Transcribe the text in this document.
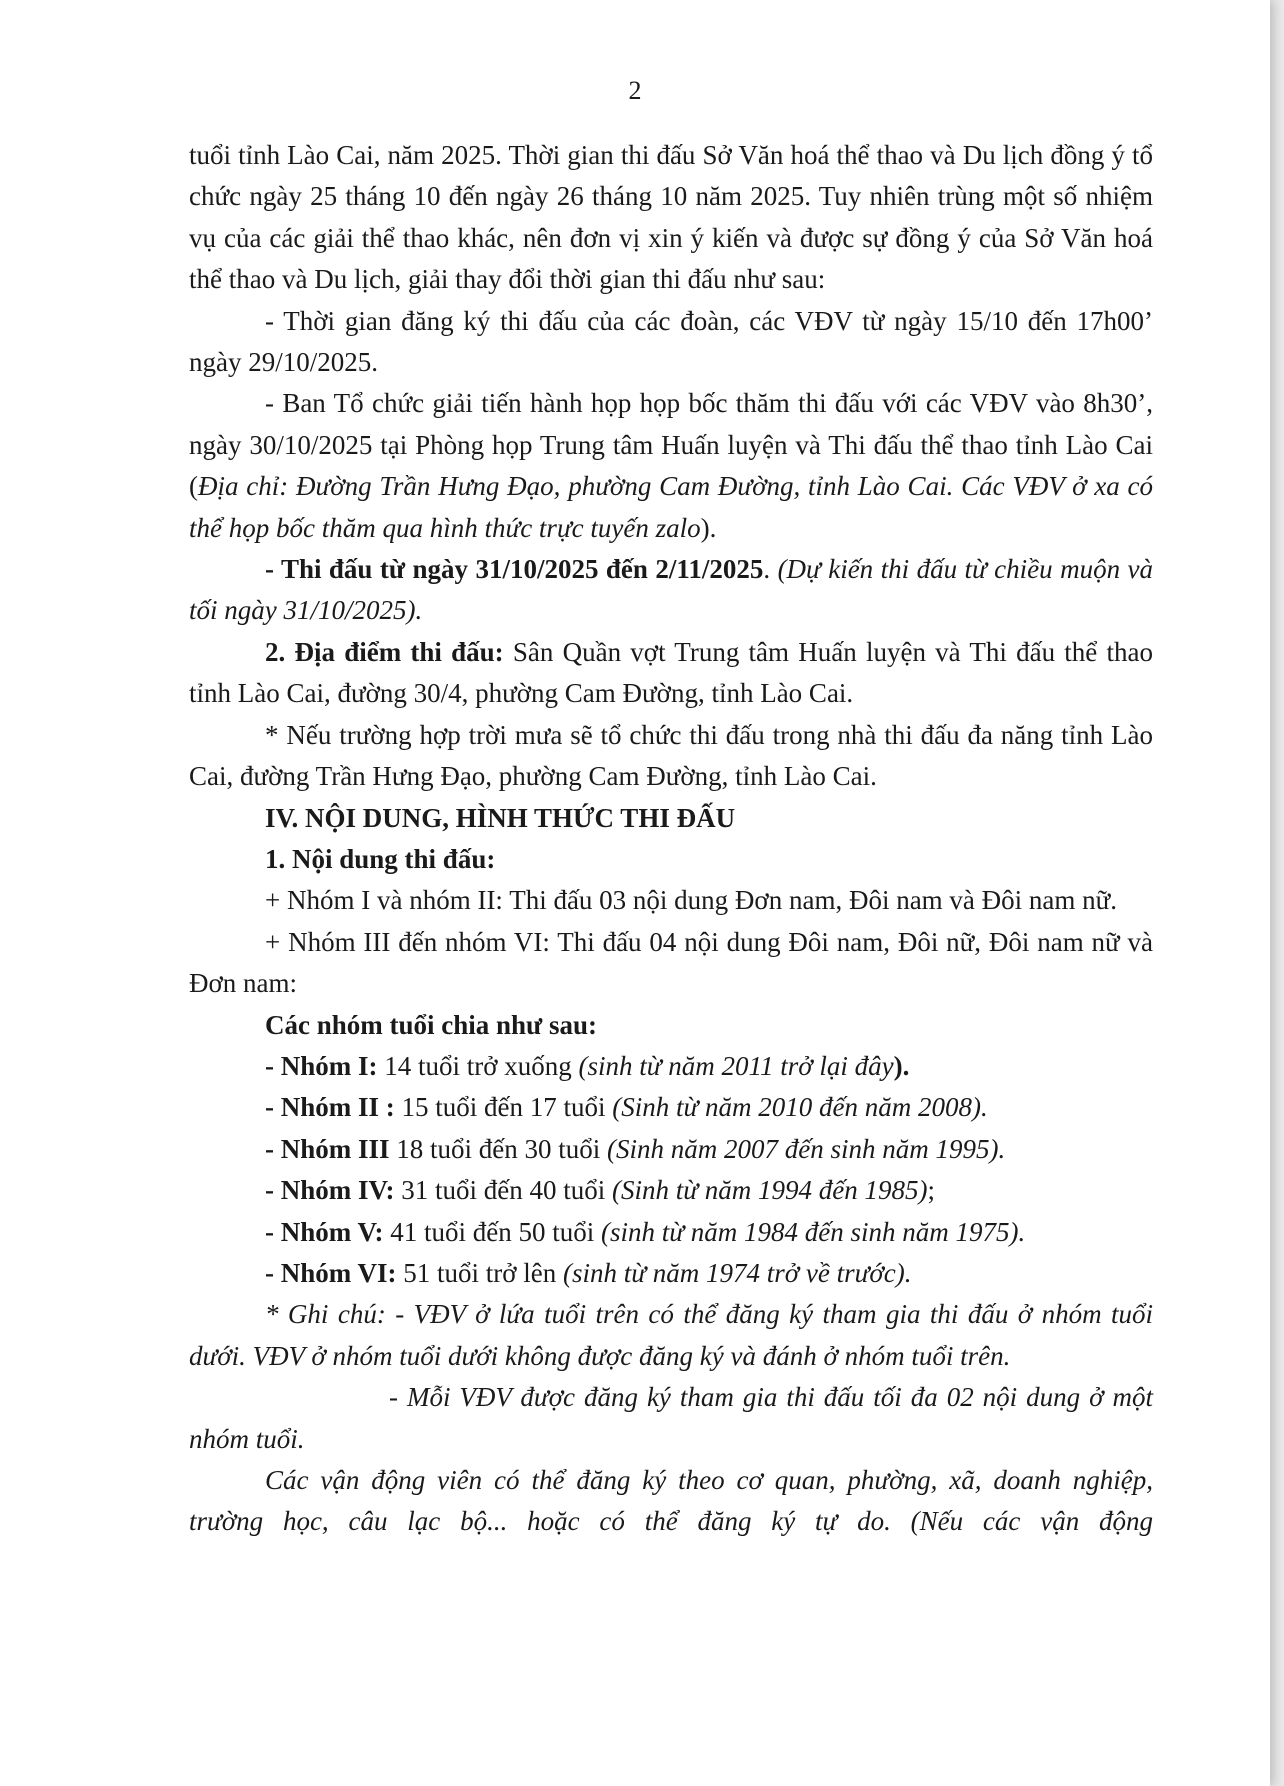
2

tuổi tỉnh Lào Cai, năm 2025. Thời gian thi đấu Sở Văn hoá thể thao và Du lịch đồng ý tổ chức ngày 25 tháng 10 đến ngày 26 tháng 10 năm 2025. Tuy nhiên trùng một số nhiệm vụ của các giải thể thao khác, nên đơn vị xin ý kiến và được sự đồng ý của Sở Văn hoá thể thao và Du lịch, giải thay đổi thời gian thi đấu như sau:

- Thời gian đăng ký thi đấu của các đoàn, các VĐV từ ngày 15/10 đến 17h00’ ngày 29/10/2025.

- Ban Tổ chức giải tiến hành họp họp bốc thăm thi đấu với các VĐV vào 8h30’, ngày 30/10/2025 tại Phòng họp Trung tâm Huấn luyện và Thi đấu thể thao tỉnh Lào Cai (Địa chỉ: Đường Trần Hưng Đạo, phường Cam Đường, tỉnh Lào Cai. Các VĐV ở xa có thể họp bốc thăm qua hình thức trực tuyến zalo).

- Thi đấu từ ngày 31/10/2025 đến 2/11/2025. (Dự kiến thi đấu từ chiều muộn và tối ngày 31/10/2025).

2. Địa điểm thi đấu: Sân Quần vợt Trung tâm Huấn luyện và Thi đấu thể thao tỉnh Lào Cai, đường 30/4, phường Cam Đường, tỉnh Lào Cai.

* Nếu trường hợp trời mưa sẽ tổ chức thi đấu trong nhà thi đấu đa năng tỉnh Lào Cai, đường Trần Hưng Đạo, phường Cam Đường, tỉnh Lào Cai.

IV. NỘI DUNG, HÌNH THỨC THI ĐẤU

1. Nội dung thi đấu:

+ Nhóm I và nhóm II: Thi đấu 03 nội dung Đơn nam, Đôi nam và Đôi nam nữ.

+ Nhóm III đến nhóm VI: Thi đấu 04 nội dung Đôi nam, Đôi nữ, Đôi nam nữ và Đơn nam:

Các nhóm tuổi chia như sau:

- Nhóm I: 14 tuổi trở xuống (sinh từ năm 2011 trở lại đây).

- Nhóm II : 15 tuổi đến 17 tuổi (Sinh từ năm 2010 đến năm 2008).

- Nhóm III 18 tuổi đến 30 tuổi (Sinh năm 2007 đến sinh năm 1995).

- Nhóm IV: 31 tuổi đến 40 tuổi (Sinh từ năm 1994 đến 1985);

- Nhóm V: 41 tuổi đến 50 tuổi (sinh từ năm 1984 đến sinh năm 1975).

- Nhóm VI: 51 tuổi trở lên (sinh từ năm 1974 trở về trước).

* Ghi chú: - VĐV ở lứa tuổi trên có thể đăng ký tham gia thi đấu ở nhóm tuổi dưới. VĐV ở nhóm tuổi dưới không được đăng ký và đánh ở nhóm tuổi trên.

- Mỗi VĐV được đăng ký tham gia thi đấu tối đa 02 nội dung ở một nhóm tuổi.

Các vận động viên có thể đăng ký theo cơ quan, phường, xã, doanh nghiệp, trường học, câu lạc bộ... hoặc có thể đăng ký tự do. (Nếu các vận động
